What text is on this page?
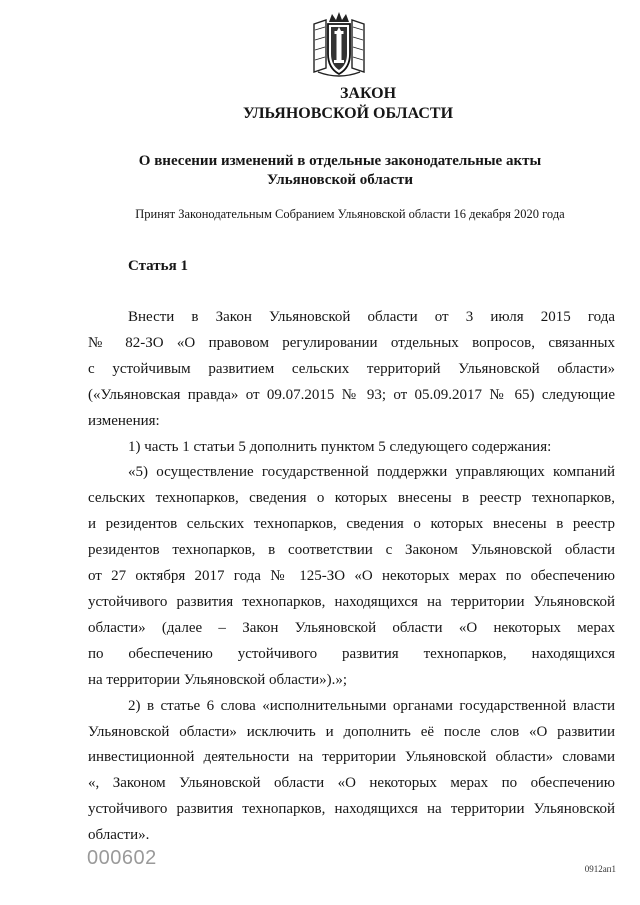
ЗАКОН
УЛЬЯНОВСКОЙ ОБЛАСТИ
О внесении изменений в отдельные законодательные акты
Ульяновской области
Принят Законодательным Собранием Ульяновской области 16 декабря 2020 года
Статья 1

Внести в Закон Ульяновской области от 3 июля 2015 года

№ 82-ЗО «О правовом регулировании отдельных вопросов, связанных

с устойчивым развитием сельских территорий Ульяновской области»

(«Ульяновская правда» от 09.07.2015 № 93; от 05.09.2017 № 65) следующие

изменения:

1) часть 1 статьи 5 дополнить пунктом 5 следующего содержания:

«5) осуществление государственной поддержки управляющих компаний

сельских технопарков, сведения о которых внесены в реестр технопарков,

и резидентов сельских технопарков, сведения о которых внесены в реестр

резидентов технопарков, в соответствии с Законом Ульяновской области

от 27 октября 2017 года № 125-ЗО «О некоторых мерах по обеспечению

устойчивого развития технопарков, находящихся на территории Ульяновской

области» (далее – Закон Ульяновской области «О некоторых мерах

по обеспечению устойчивого развития технопарков, находящихся

на территории Ульяновской области»).»;

2) в статье 6 слова «исполнительными органами государственной власти

Ульяновской области» исключить и дополнить её после слов «О развитии

инвестиционной деятельности на территории Ульяновской области» словами

«, Законом Ульяновской области «О некоторых мерах по обеспечению

устойчивого развития технопарков, находящихся на территории Ульяновской

области».

000602	0912ап1
